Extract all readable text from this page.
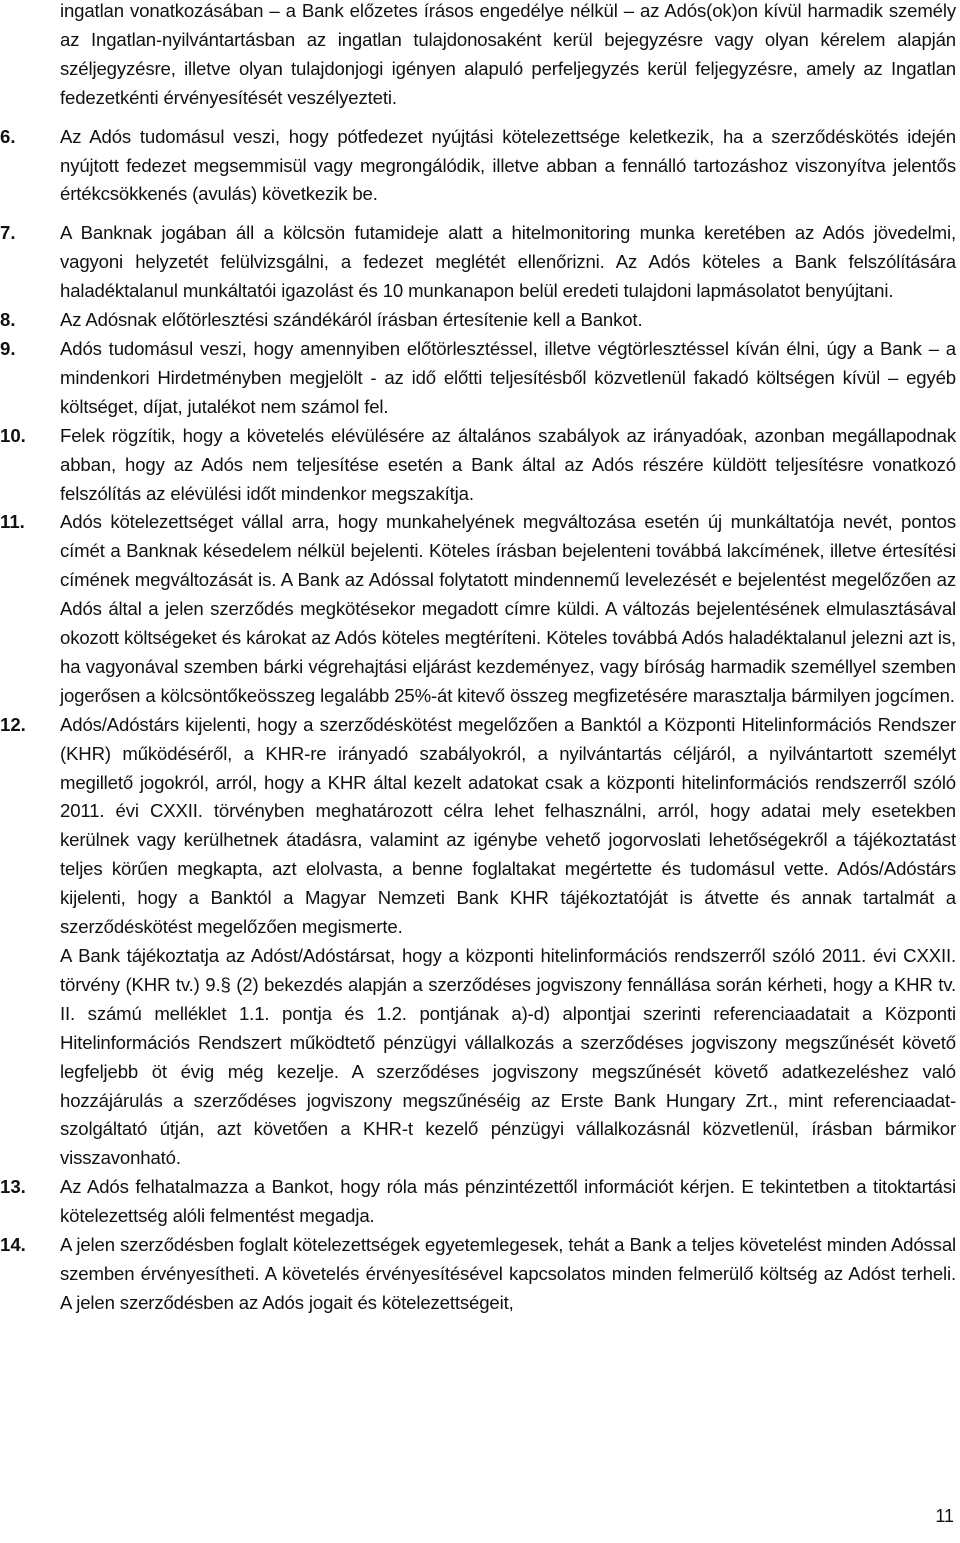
ingatlan vonatkozásában – a Bank előzetes írásos engedélye nélkül – az Adós(ok)on kívül harmadik személy az Ingatlan-nyilvántartásban az ingatlan tulajdonosaként kerül bejegyzésre vagy olyan kérelem alapján széljegyzésre, illetve olyan tulajdonjogi igényen alapuló perfeljegyzés kerül feljegyzésre, amely az Ingatlan fedezetkénti érvényesítését veszélyezteti.
6.	Az Adós tudomásul veszi, hogy pótfedezet nyújtási kötelezettsége keletkezik, ha a szerződéskötés idején nyújtott fedezet megsemmisül vagy megrongálódik, illetve abban a fennálló tartozáshoz viszonyítva jelentős értékcsökkenés (avulás) következik be.
7.	A Banknak jogában áll a kölcsön futamideje alatt a hitelmonitoring munka keretében az Adós jövedelmi, vagyoni helyzetét felülvizsgálni, a fedezet meglétét ellenőrizni. Az Adós köteles a Bank felszólítására haladéktalanul munkáltatói igazolást és 10 munkanapon belül eredeti tulajdoni lapmásolatot benyújtani.
8.	Az Adósnak előtörlesztési szándékáról írásban értesítenie kell a Bankot.
9.	Adós tudomásul veszi, hogy amennyiben előtörlesztéssel, illetve végtörlesztéssel kíván élni, úgy a Bank – a mindenkori Hirdetményben megjelölt - az idő előtti teljesítésből közvetlenül fakadó költségen kívül – egyéb költséget, díjat, jutalékot nem számol fel.
10.	Felek rögzítik, hogy a követelés elévülésére az általános szabályok az irányadóak, azonban megállapodnak abban, hogy az Adós nem teljesítése esetén a Bank által az Adós részére küldött teljesítésre vonatkozó felszólítás az elévülési időt mindenkor megszakítja.
11.	Adós kötelezettséget vállal arra, hogy munkahelyének megváltozása esetén új munkáltatója nevét, pontos címét a Banknak késedelem nélkül bejelenti. Köteles írásban bejelenteni továbbá lakcímének, illetve értesítési címének megváltozását is. A Bank az Adóssal folytatott mindennemű levelezését e bejelentést megelőzően az Adós által a jelen szerződés megkötésekor megadott címre küldi. A változás bejelentésének elmulasztásával okozott költségeket és károkat az Adós köteles megtéríteni. Köteles továbbá Adós haladéktalanul jelezni azt is, ha vagyonával szemben bárki végrehajtási eljárást kezdeményez, vagy bíróság harmadik személlyel szemben jogerősen a kölcsöntőkeösszeg legalább 25%-át kitevő összeg megfizetésére marasztalja bármilyen jogcímen.
12.	Adós/Adóstárs kijelenti, hogy a szerződéskötést megelőzően a Banktól a Központi Hitelinformációs Rendszer (KHR) működéséről, a KHR-re irányadó szabályokról, a nyilvántartás céljáról, a nyilvántartott személyt megillető jogokról, arról, hogy a KHR által kezelt adatokat csak a központi hitelinformációs rendszerről szóló 2011. évi CXXII. törvényben meghatározott célra lehet felhasználni, arról, hogy adatai mely esetekben kerülnek vagy kerülhetnek átadásra, valamint az igénybe vehető jogorvoslati lehetőségekről a tájékoztatást teljes körűen megkapta, azt elolvasta, a benne foglaltakat megértette és tudomásul vette. Adós/Adóstárs kijelenti, hogy a Banktól a Magyar Nemzeti Bank KHR tájékoztatóját is átvette és annak tartalmát a szerződéskötést megelőzően megismerte.
A Bank tájékoztatja az Adóst/Adóstársat, hogy a központi hitelinformációs rendszerről szóló 2011. évi CXXII. törvény (KHR tv.) 9.§ (2) bekezdés alapján a szerződéses jogviszony fennállása során kérheti, hogy a KHR tv. II. számú melléklet 1.1. pontja és 1.2. pontjának a)-d) alpontjai szerinti referenciaadatait a Központi Hitelinformációs Rendszert működtető pénzügyi vállalkozás a szerződéses jogviszony megszűnését követő legfeljebb öt évig még kezelje. A szerződéses jogviszony megszűnését követő adatkezeléshez való hozzájárulás a szerződéses jogviszony megszűnéséig az Erste Bank Hungary Zrt., mint referenciaadat-szolgáltató útján, azt követően a KHR-t kezelő pénzügyi vállalkozásnál közvetlenül, írásban bármikor visszavonható.
13.	Az Adós felhatalmazza a Bankot, hogy róla más pénzintézettől információt kérjen. E tekintetben a titoktartási kötelezettség alóli felmentést megadja.
14.	A jelen szerződésben foglalt kötelezettségek egyetemlegesek, tehát a Bank a teljes követelést minden Adóssal szemben érvényesítheti. A követelés érvényesítésével kapcsolatos minden felmerülő költség az Adóst terheli. A jelen szerződésben az Adós jogait és kötelezettségeit,
11
